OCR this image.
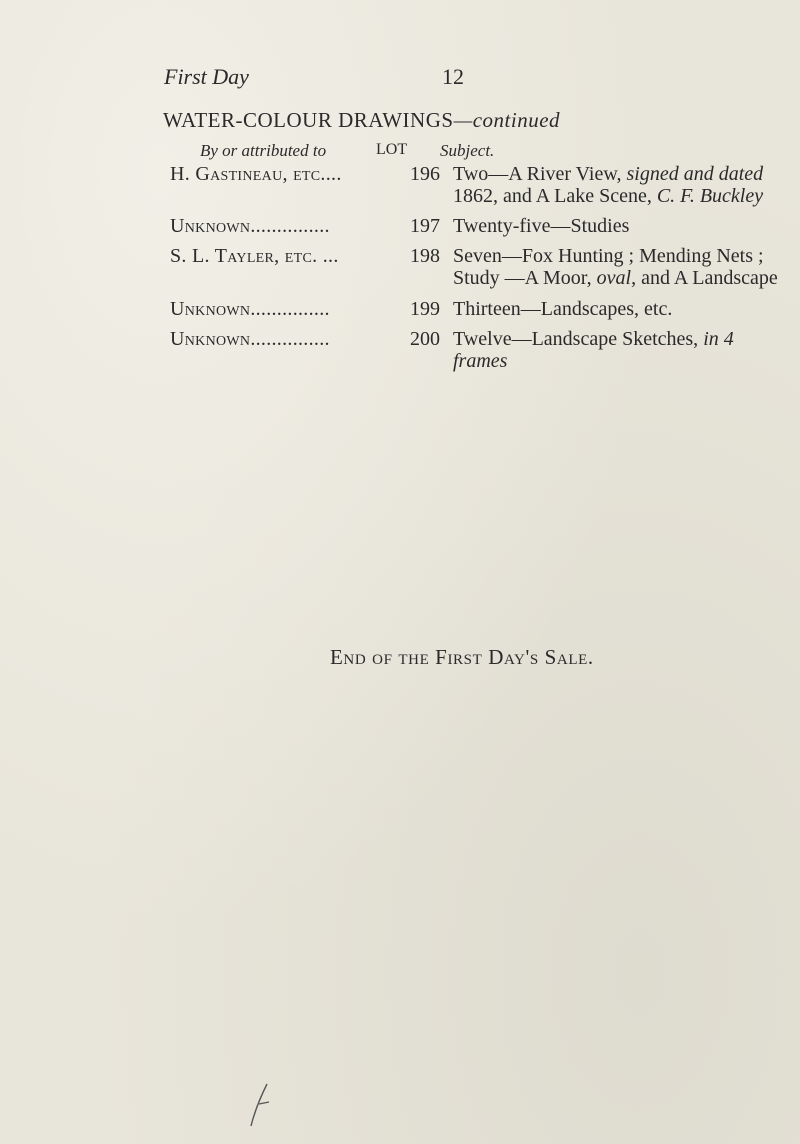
First Day	12
WATER-COLOUR DRAWINGS—continued
By or attributed to	LOT Subject.
H. Gastineau, etc....	196 Two—A River View, signed and dated 1862, and A Lake Scene, C. F. Buckley
Unknown...............	197 Twenty-five—Studies
S. L. Tayler, etc. ...	198 Seven—Fox Hunting ; Mending Nets ; Study —A Moor, oval, and A Landscape
Unknown...............	199 Thirteen—Landscapes, etc.
Unknown...............	200 Twelve—Landscape Sketches, in 4 frames
End of the First Day's Sale.
